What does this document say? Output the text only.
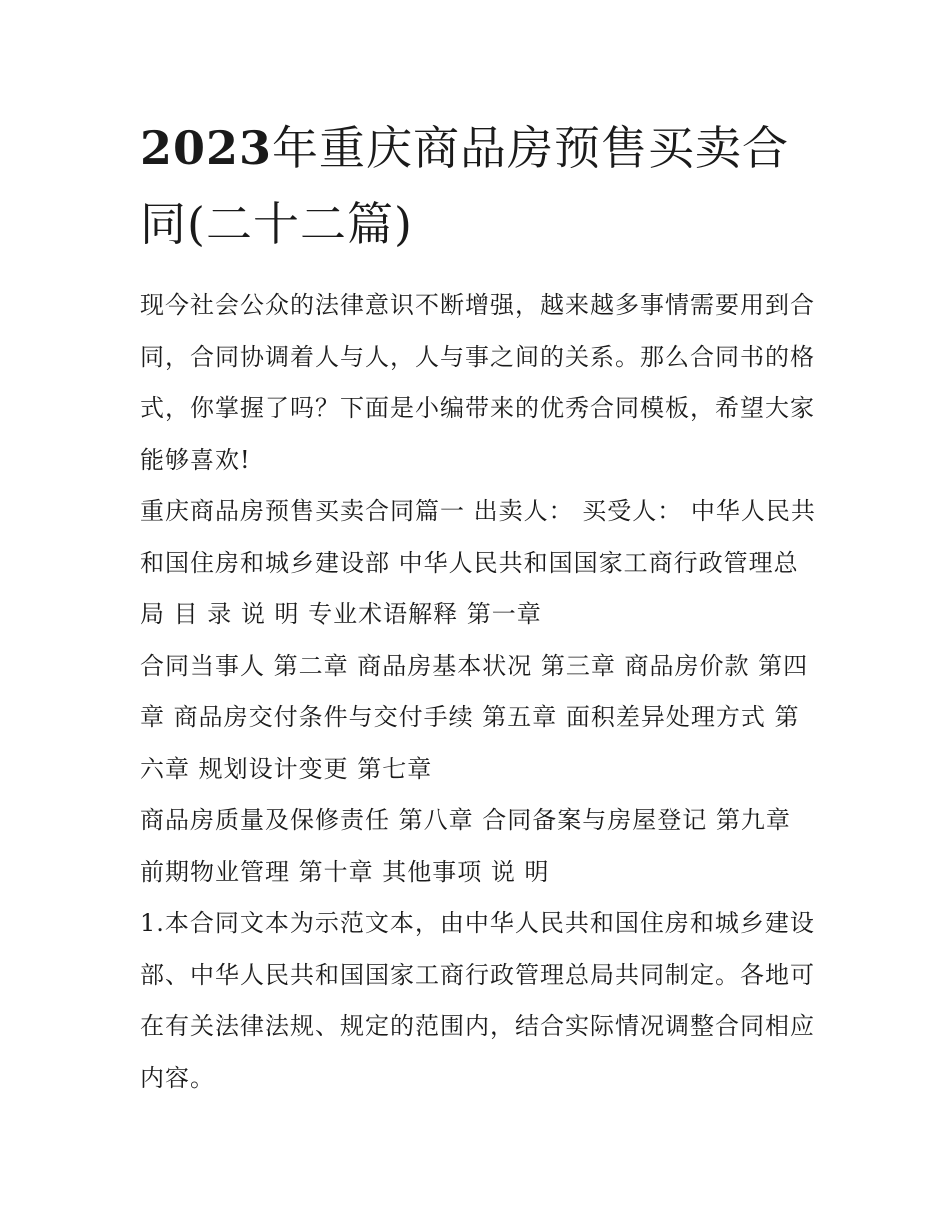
2023年重庆商品房预售买卖合
同(二十二篇)

现今社会公众的法律意识不断增强，越来越多事情需要用到合
同，合同协调着人与人，人与事之间的关系。那么合同书的格
式，你掌握了吗？下面是小编带来的优秀合同模板，希望大家
能够喜欢!

重庆商品房预售买卖合同篇一 出卖人： 买受人： 中华人民共
和国住房和城乡建设部 中华人民共和国国家工商行政管理总
局 目 录 说 明 专业术语解释 第一章

合同当事人 第二章 商品房基本状况 第三章 商品房价款 第四
章 商品房交付条件与交付手续 第五章 面积差异处理方式 第
六章 规划设计变更 第七章

商品房质量及保修责任 第八章 合同备案与房屋登记 第九章
前期物业管理 第十章 其他事项 说 明

1.本合同文本为示范文本，由中华人民共和国住房和城乡建设
部、中华人民共和国国家工商行政管理总局共同制定。各地可
在有关法律法规、规定的范围内，结合实际情况调整合同相应
内容。
